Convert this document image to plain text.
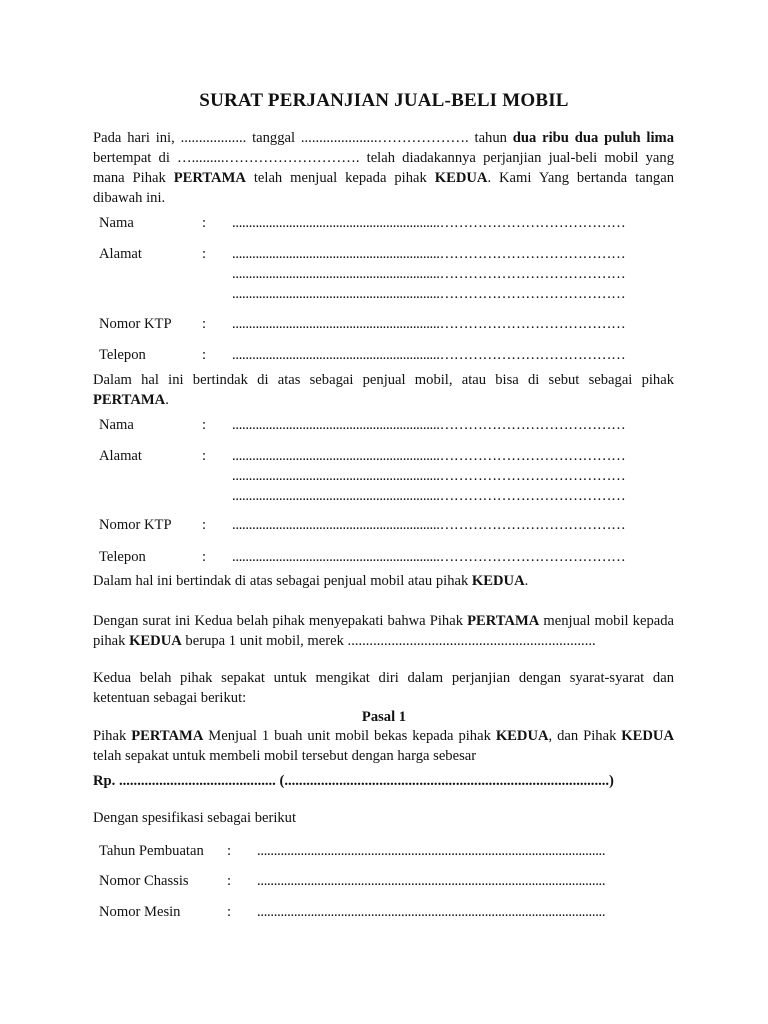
SURAT PERJANJIAN JUAL-BELI MOBIL

Pada hari ini, .................. tanggal .....................………………. tahun dua ribu dua puluh lima bertempat di ….........………………………. telah diadakannya perjanjian jual-beli mobil yang mana Pihak PERTAMA telah menjual kepada pihak KEDUA. Kami Yang bertanda tangan dibawah ini.

Nama	:	..............................................................…………………………………
Alamat	:	..............................................................…………………………………
..............................................................…………………………………
..............................................................…………………………………
Nomor KTP :	..............................................................…………………………………
Telepon	:	..............................................................…………………………………

Dalam hal ini bertindak di atas sebagai penjual mobil, atau bisa di sebut sebagai pihak PERTAMA.

Nama	:	..............................................................…………………………………
Alamat	:	..............................................................…………………………………
..............................................................…………………………………
..............................................................…………………………………
Nomor KTP :	..............................................................…………………………………
Telepon	:	..............................................................…………………………………

Dalam hal ini bertindak di atas sebagai penjual mobil atau pihak KEDUA.

Dengan surat ini Kedua belah pihak menyepakati bahwa Pihak PERTAMA menjual mobil kepada pihak KEDUA berupa 1 unit mobil, merek ....................................................................

Kedua belah pihak sepakat untuk mengikat diri dalam perjanjian dengan syarat-syarat dan ketentuan sebagai berikut:

Pasal 1

Pihak PERTAMA Menjual 1 buah unit mobil bekas kepada pihak KEDUA, dan Pihak KEDUA telah sepakat untuk membeli mobil tersebut dengan harga sebesar

Rp. ........................................... (.........................................................................................)

Dengan spesifikasi sebagai berikut

Tahun Pembuatan :	........................................................................................................
Nomor Chassis	:	........................................................................................................
Nomor Mesin	:	........................................................................................................
